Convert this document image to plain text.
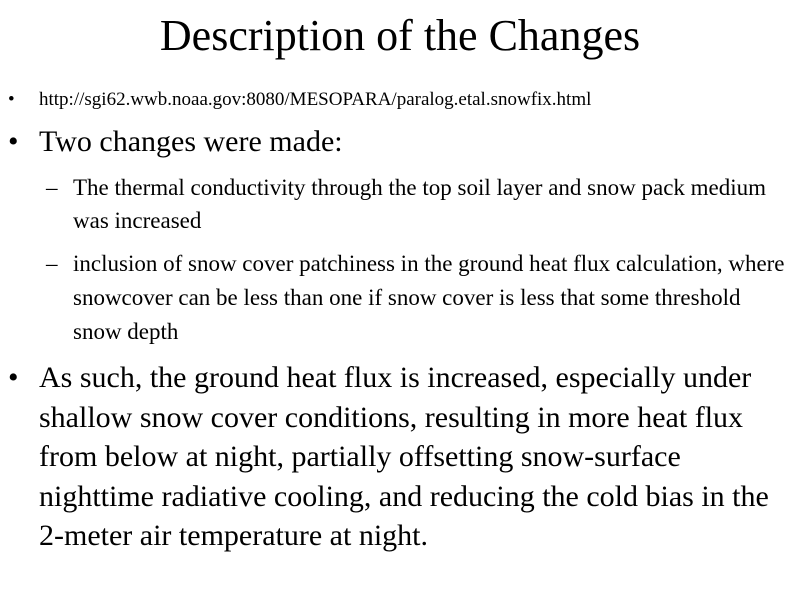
Description of the Changes
• http://sgi62.wwb.noaa.gov:8080/MESOPARA/paralog.etal.snowfix.html
• Two changes were made:
– The thermal conductivity through the top soil layer and snow pack medium was increased
– inclusion of snow cover patchiness in the ground heat flux calculation, where snowcover can be less than one if snow cover is less that some threshold snow depth
• As such, the ground heat flux is increased, especially under shallow snow cover conditions, resulting in more heat flux from below at night, partially offsetting snow-surface nighttime radiative cooling, and reducing the cold bias in the 2-meter air temperature at night.
